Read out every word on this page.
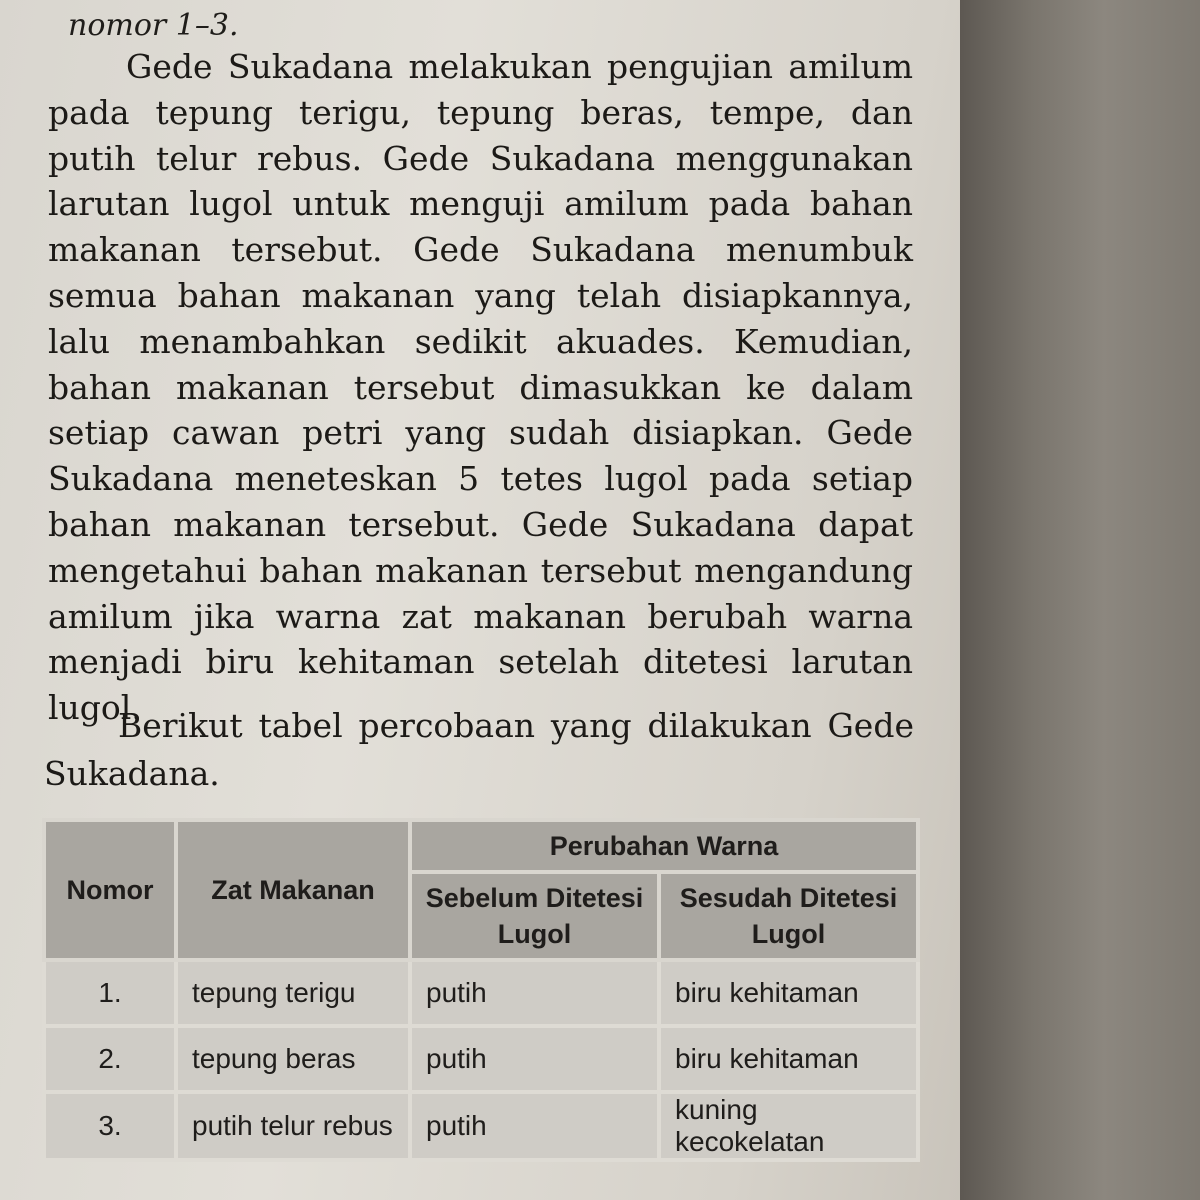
nomor 1–3.

Gede Sukadana melakukan pengujian amilum pada tepung terigu, tepung beras, tempe, dan putih telur rebus. Gede Sukadana menggunakan larutan lugol untuk menguji amilum pada bahan makanan tersebut. Gede Sukadana menumbuk semua bahan makanan yang telah disiapkannya, lalu menambahkan sedikit akuades. Kemudian, bahan makanan tersebut dimasukkan ke dalam setiap cawan petri yang sudah disiapkan. Gede Sukadana meneteskan 5 tetes lugol pada setiap bahan makanan tersebut. Gede Sukadana dapat mengetahui bahan makanan tersebut mengandung amilum jika warna zat makanan berubah warna menjadi biru kehitaman setelah ditetesi larutan lugol.

Berikut tabel percobaan yang dilakukan Gede Sukadana.

Nomor	Zat Makanan	Perubahan Warna	
		Sebelum Ditetesi Lugol	Sesudah Ditetesi Lugol
1.	tepung terigu	putih	biru kehitaman
2.	tepung beras	putih	biru kehitaman
3.	putih telur rebus	putih	kuning kecokelatan
